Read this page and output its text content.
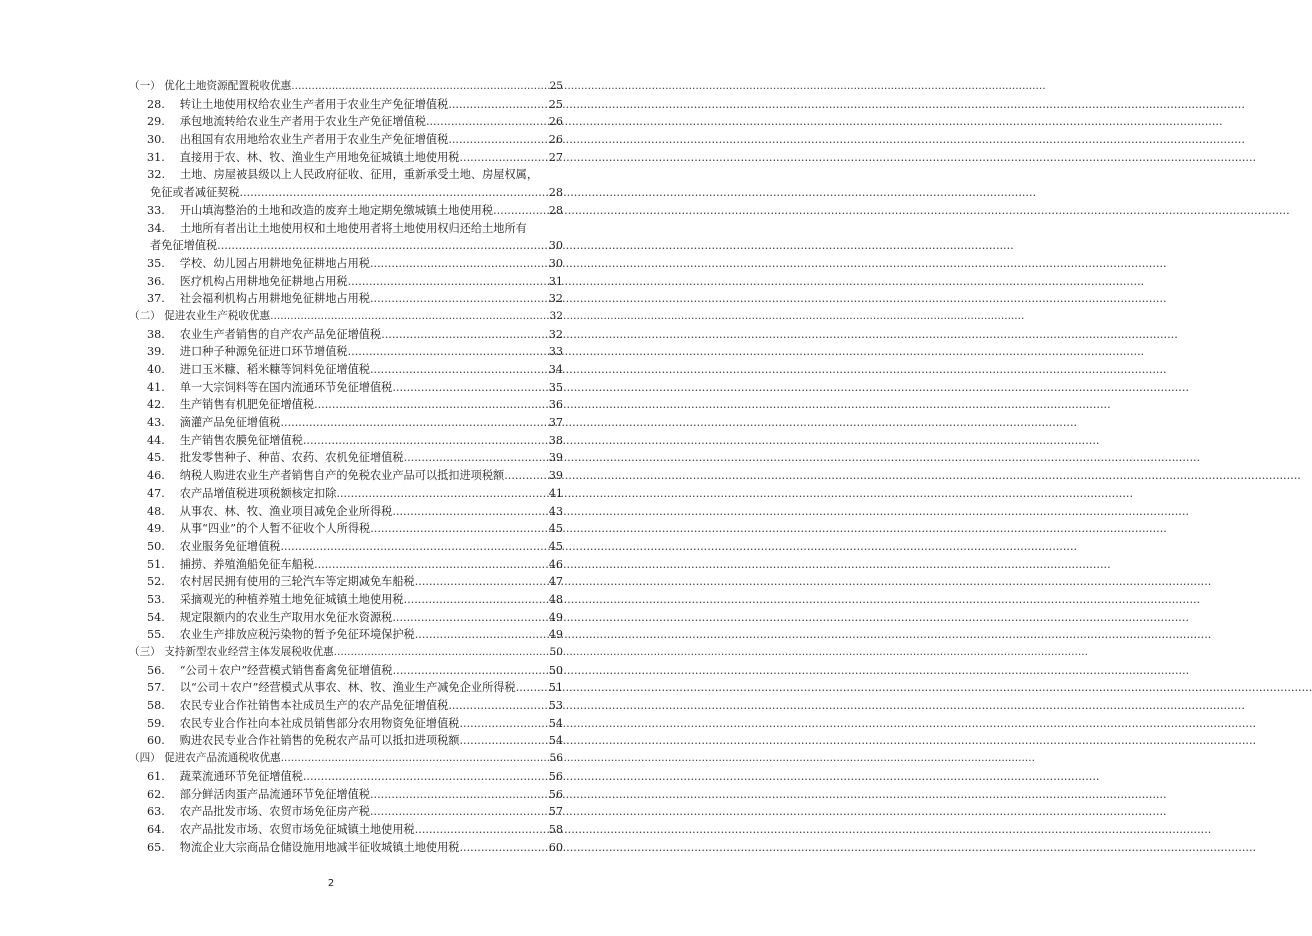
（一） 优化土地资源配置税收优惠 .....	25
28. 转让土地使用权给农业生产者用于农业生产免征增值税 .....	25
29. 承包地流转给农业生产者用于农业生产免征增值税 .....	26
30. 出租国有农用地给农业生产者用于农业生产免征增值税 .....	26
31. 直接用于农、林、牧、渔业生产用地免征城镇土地使用税 .....	27
32. 土地、房屋被县级以上人民政府征收、征用，重新承受土地、房屋权属，
免征或者减征契税 .....	28
33. 开山填海整治的土地和改造的废弃土地定期免缴城镇土地使用税 .....	28
34. 土地所有者出让土地使用权和土地使用者将土地使用权归还给土地所有
者免征增值税 .....	30
35. 学校、幼儿园占用耕地免征耕地占用税 .....	30
36. 医疗机构占用耕地免征耕地占用税 .....	31
37. 社会福利机构占用耕地免征耕地占用税 .....	32
（二） 促进农业生产税收优惠 .....	32
38. 农业生产者销售的自产农产品免征增值税 .....	32
39. 进口种子种源免征进口环节增值税 .....	33
40. 进口玉米糠、稻米糠等饲料免征增值税 .....	34
41. 单一大宗饲料等在国内流通环节免征增值税 .....	35
42. 生产销售有机肥免征增值税 .....	36
43. 滴灌产品免征增值税 .....	37
44. 生产销售农膜免征增值税 .....	38
45. 批发零售种子、种苗、农药、农机免征增值税 .....	39
46. 纳税人购进农业生产者销售自产的免税农业产品可以抵扣进项税额 .....	39
47. 农产品增值税进项税额核定扣除 .....	41
48. 从事农、林、牧、渔业项目减免企业所得税 .....	43
49. 从事“四业”的个人暂不征收个人所得税 .....	45
50. 农业服务免征增值税 .....	45
51. 捕捞、养殖渔船免征车船税 .....	46
52. 农村居民拥有使用的三轮汽车等定期减免车船税 .....	47
53. 采摘观光的种植养殖土地免征城镇土地使用税 .....	48
54. 规定限额内的农业生产取用水免征水资源税 .....	49
55. 农业生产排放应税污染物的暂予免征环境保护税 .....	49
（三） 支持新型农业经营主体发展税收优惠 .....	50
56. “公司＋农户”经营模式销售畜禽免征增值税 .....	50
57. 以“公司＋农户”经营模式从事农、林、牧、渔业生产减免企业所得税 .....	51
58. 农民专业合作社销售本社成员生产的农产品免征增值税 .....	53
59. 农民专业合作社向本社成员销售部分农用物资免征增值税 .....	54
60. 购进农民专业合作社销售的免税农产品可以抵扣进项税额 .....	54
（四） 促进农产品流通税收优惠 .....	56
61. 蔬菜流通环节免征增值税 .....	56
62. 部分鲜活肉蛋产品流通环节免征增值税 .....	56
63. 农产品批发市场、农贸市场免征房产税 .....	57
64. 农产品批发市场、农贸市场免征城镇土地使用税 .....	58
65. 物流企业大宗商品仓储设施用地减半征收城镇土地使用税 .....	60
2
